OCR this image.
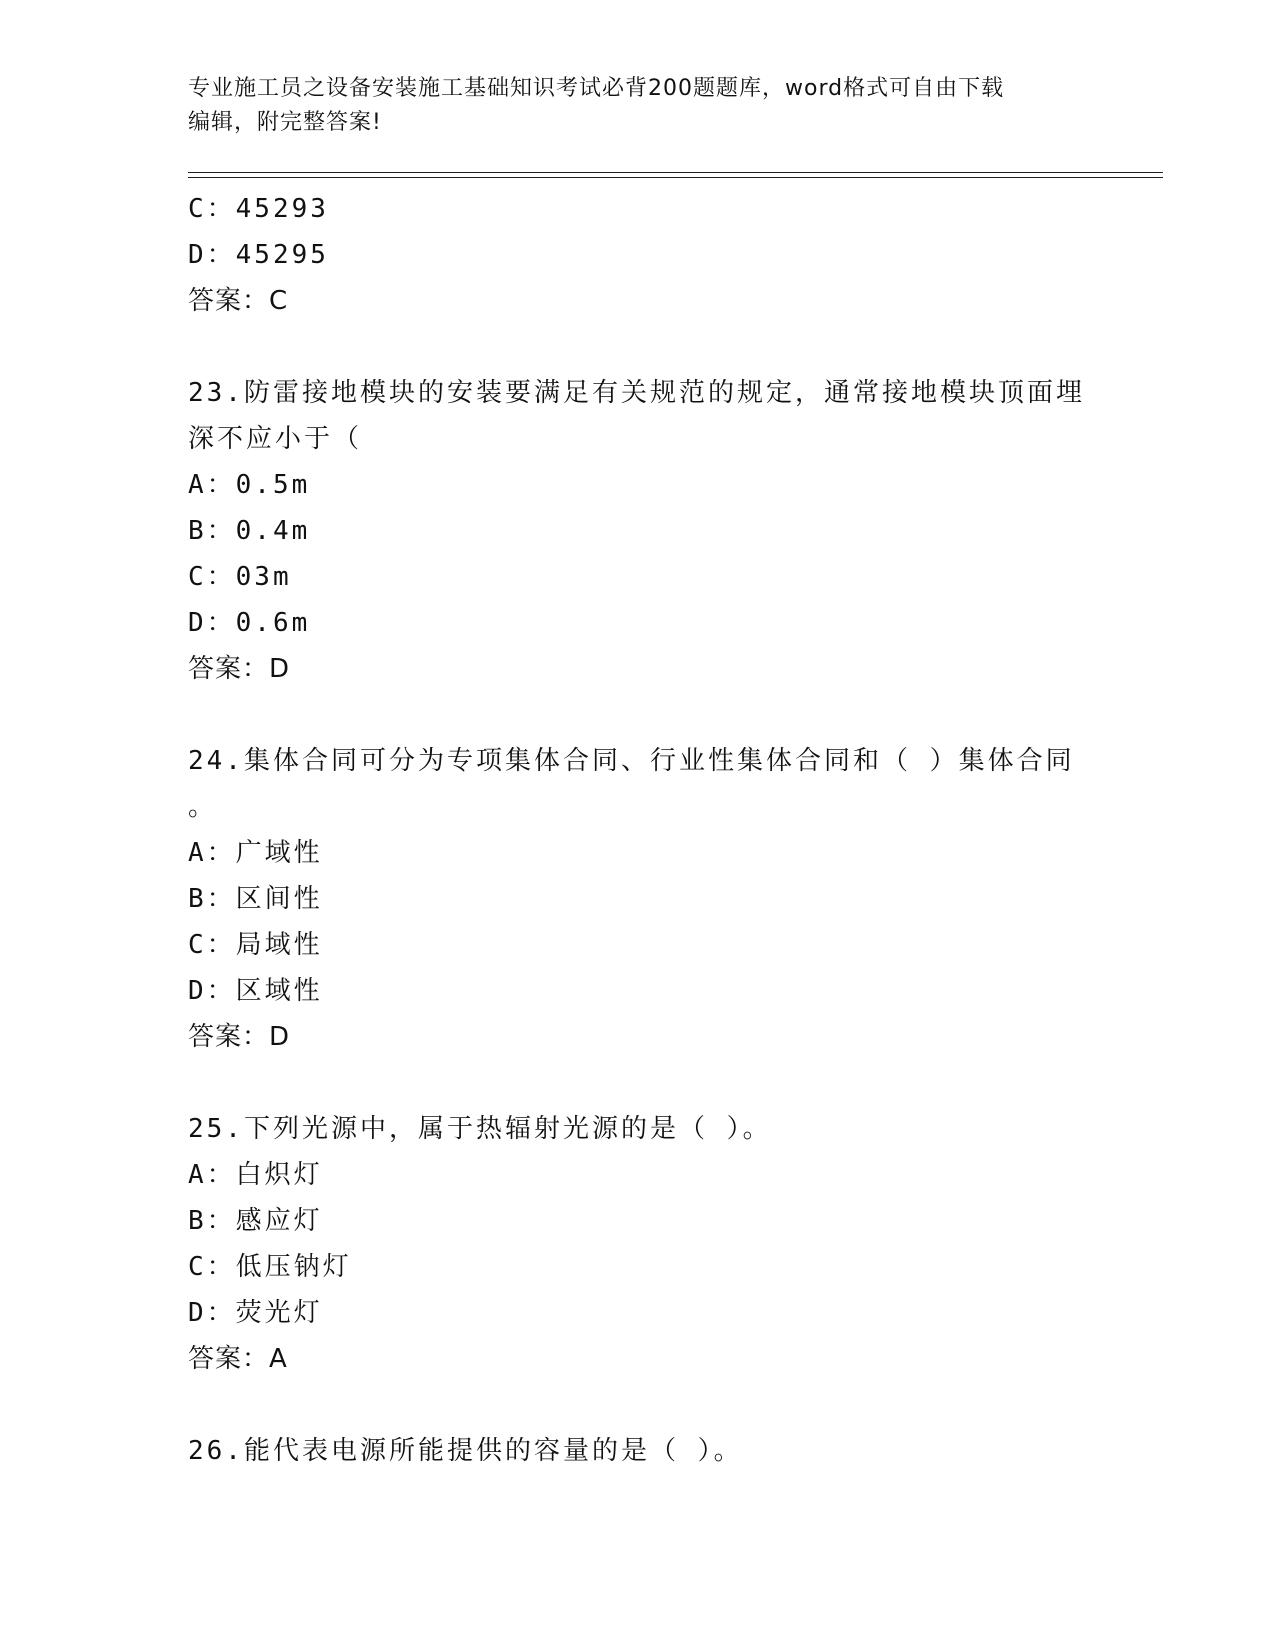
专业施工员之设备安装施工基础知识考试必背200题题库，word格式可自由下载
编辑，附完整答案!
C：45293
D：45295
答案：C
23.防雷接地模块的安装要满足有关规范的规定，通常接地模块顶面埋
深不应小于（
A：0.5m
B：0.4m
C：03m
D：0.6m
答案：D
24.集体合同可分为专项集体合同、行业性集体合同和（ ）集体合同
。
A：广域性
B：区间性
C：局域性
D：区域性
答案：D
25.下列光源中，属于热辐射光源的是（ ）。
A：白炽灯
B：感应灯
C：低压钠灯
D：荧光灯
答案：A
26.能代表电源所能提供的容量的是（ ）。
